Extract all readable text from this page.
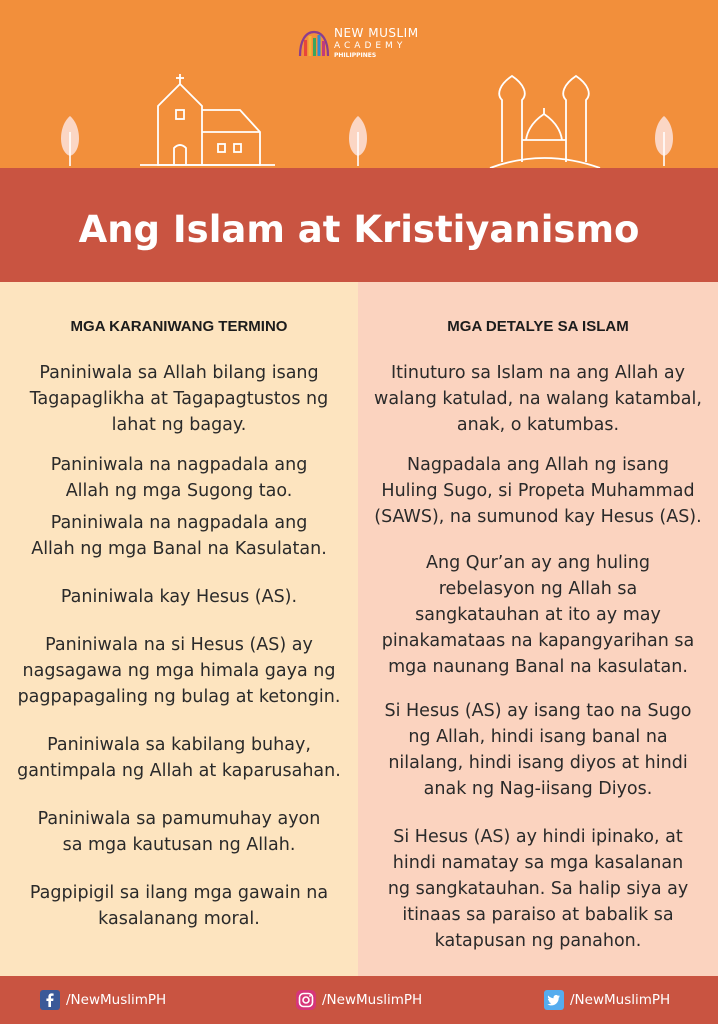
NEW MUSLIM
ACADEMY
PHILIPPINES
Ang Islam at Kristiyanismo
MGA KARANIWANG TERMINO
Paniniwala sa Allah bilang isang
Tagapaglikha at Tagapagtustos ng
lahat ng bagay.
Paniniwala na nagpadala ang
Allah ng mga Sugong tao.
Paniniwala na nagpadala ang
Allah ng mga Banal na Kasulatan.
Paniniwala kay Hesus (AS).
Paniniwala na si Hesus (AS) ay
nagsagawa ng mga himala gaya ng
pagpapagaling ng bulag at ketongin.
Paniniwala sa kabilang buhay,
gantimpala ng Allah at kaparusahan.
Paniniwala sa pamumuhay ayon
sa mga kautusan ng Allah.
Pagpipigil sa ilang mga gawain na
kasalanang moral.
MGA DETALYE SA ISLAM
Itinuturo sa Islam na ang Allah ay
walang katulad, na walang katambal,
anak, o katumbas.
Nagpadala ang Allah ng isang
Huling Sugo, si Propeta Muhammad
(SAWS), na sumunod kay Hesus (AS).
Ang Qur’an ay ang huling
rebelasyon ng Allah sa
sangkatauhan at ito ay may
pinakamataas na kapangyarihan sa
mga naunang Banal na kasulatan.
Si Hesus (AS) ay isang tao na Sugo
ng Allah, hindi isang banal na
nilalang, hindi isang diyos at hindi
anak ng Nag-iisang Diyos.
Si Hesus (AS) ay hindi ipinako, at
hindi namatay sa mga kasalanan
ng sangkatauhan. Sa halip siya ay
itinaas sa paraiso at babalik sa
katapusan ng panahon.
/NewMuslimPH	/NewMuslimPH	/NewMuslimPH
